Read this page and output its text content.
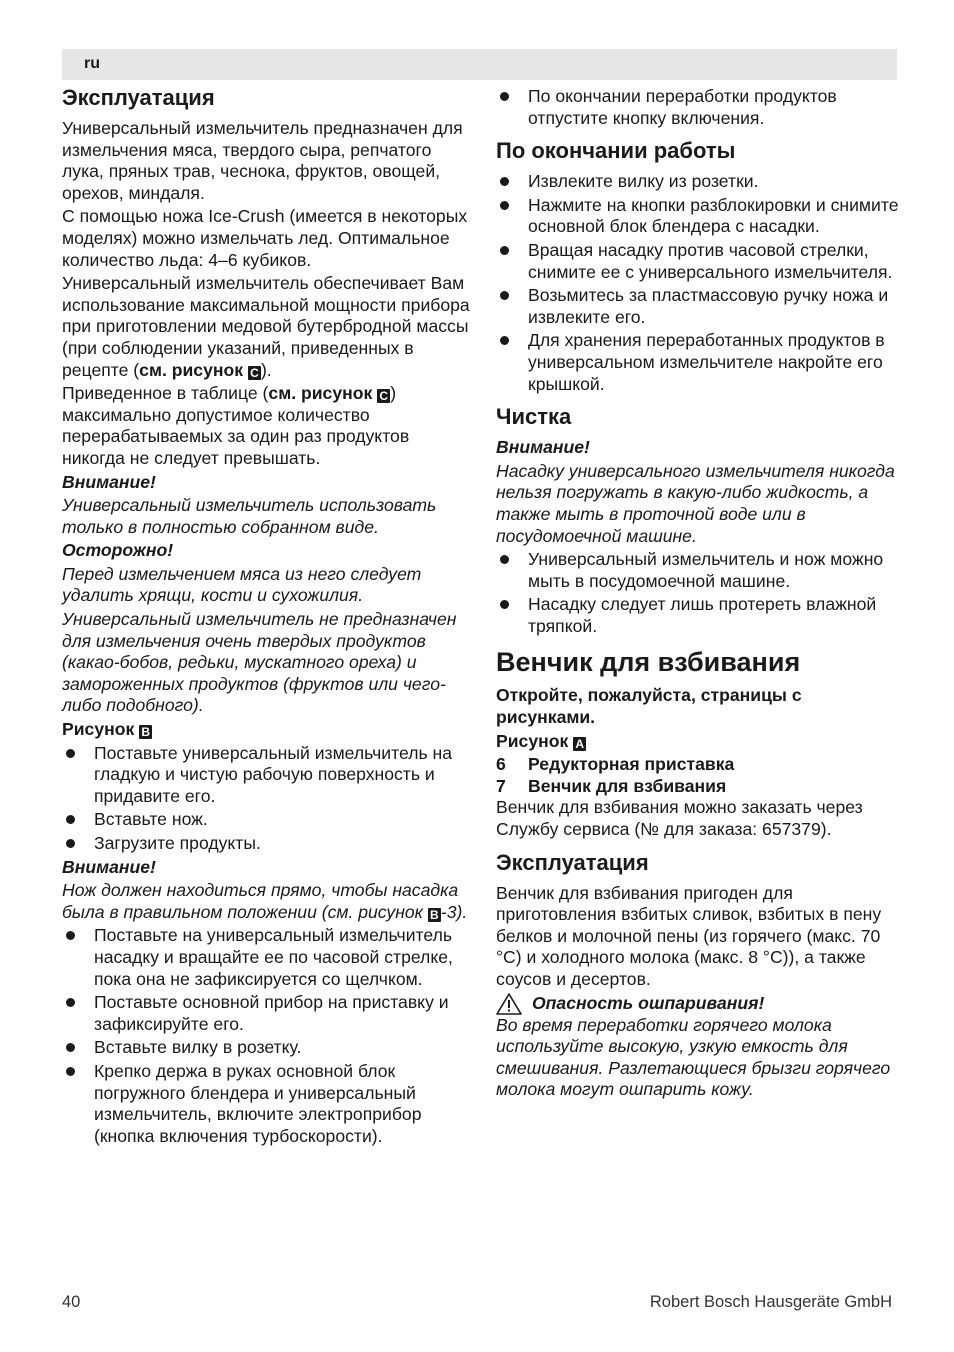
ru
Эксплуатация

Универсальный измельчитель предназначен для измельчения мяса, твердого сыра, репчатого лука, пряных трав, чеснока, фруктов, овощей, орехов, миндаля.

С помощью ножа Ice-Crush (имеется в некоторых моделях) можно измельчать лед. Оптимальное количество льда: 4–6 кубиков.

Универсальный измельчитель обеспечивает Вам использование максимальной мощности прибора при приготовлении медовой бутербродной массы (при соблюдении указаний, приведенных в рецепте (см. рисунок C ).

Приведенное в таблице (см. рисунок C ) максимально допустимое количество перерабатываемых за один раз продуктов никогда не следует превышать.

Внимание!

Универсальный измельчитель использовать только в полностью собранном виде.

Осторожно!

Перед измельчением мяса из него следует удалить хрящи, кости и сухожилия.

Универсальный измельчитель не предназначен для измельчения очень твердых продуктов (какао-бобов, редьки, мускатного ореха) и замороженных продуктов (фруктов или чего-либо подобного).

Рисунок B

Поставьте универсальный измельчитель на гладкую и чистую рабочую поверхность и придавите его.
Вставьте нож.
Загрузите продукты.

Внимание!

Нож должен находиться прямо, чтобы насадка была в правильном положении (см. рисунок B -3).

Поставьте на универсальный измельчитель насадку и вращайте ее по часовой стрелке, пока она не зафиксируется со щелчком.
Поставьте основной прибор на приставку и зафиксируйте его.
Вставьте вилку в розетку.
Крепко держа в руках основной блок погружного блендера и универсальный измельчитель, включите электроприбор (кнопка включения турбоскорости).
По окончании переработки продуктов отпустите кнопку включения.
По окончании работы
Извлеките вилку из розетки.
Нажмите на кнопки разблокировки и снимите основной блок блендера с насадки.
Вращая насадку против часовой стрелки, снимите ее с универсального измельчителя.
Возьмитесь за пластмассовую ручку ножа и извлеките его.
Для хранения переработанных продуктов в универсальном измельчителе накройте его крышкой.
Чистка

Внимание!

Насадку универсального измельчителя никогда нельзя погружать в какую-либо жидкость, а также мыть в проточной воде или в посудомоечной машине.

Универсальный измельчитель и нож можно мыть в посудомоечной машине.
Насадку следует лишь протереть влажной тряпкой.
Венчик для взбивания

Откройте, пожалуйста, страницы с рисунками.

Рисунок A

6	Редукторная приставка
7	Венчик для взбивания

Венчик для взбивания можно заказать через Службу сервиса (№ для заказа: 657379).

Эксплуатация

Венчик для взбивания пригоден для приготовления взбитых сливок, взбитых в пену белков и молочной пены (из горячего (макс. 70 °C) и холодного молока (макс. 8 °C)), а также соусов и десертов.

Опасность ошпаривания!

Во время переработки горячего молока используйте высокую, узкую емкость для смешивания. Разлетающиеся брызги горячего молока могут ошпарить кожу.

40	Robert Bosch Hausgeräte GmbH
